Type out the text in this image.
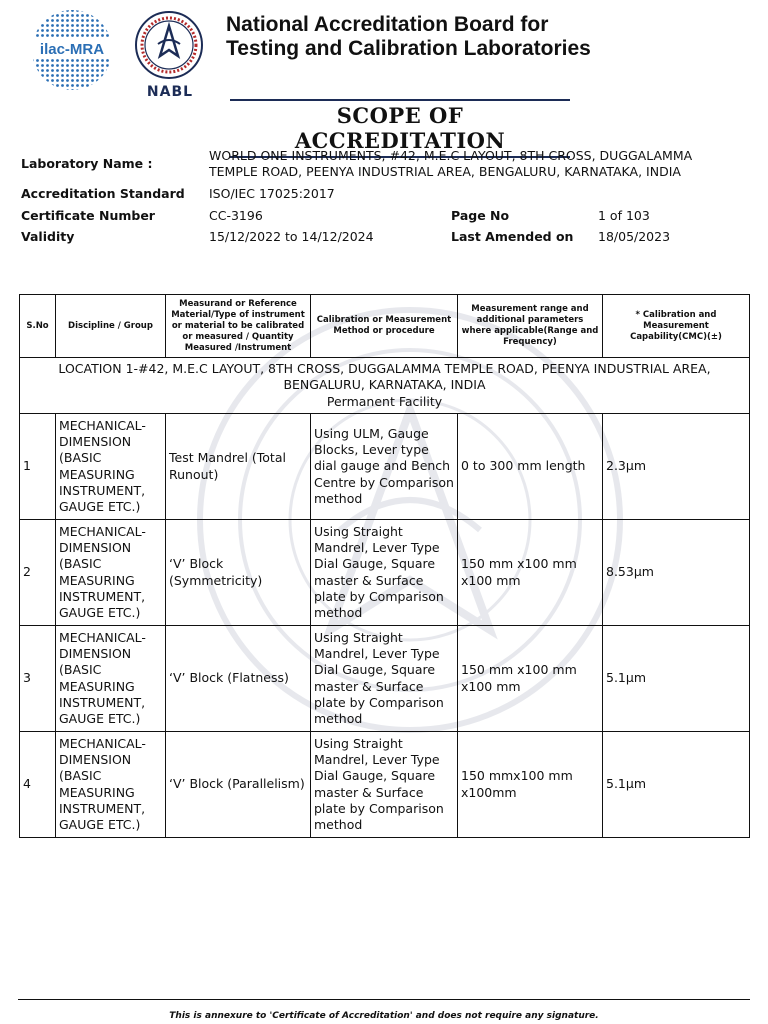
ilac-MRA
NABL
National Accreditation Board for
Testing and Calibration Laboratories
SCOPE OF ACCREDITATION
Laboratory Name :
WORLD ONE INSTRUMENTS, #42, M.E.C LAYOUT, 8TH CROSS, DUGGALAMMA
TEMPLE ROAD, PEENYA INDUSTRIAL AREA, BENGALURU, KARNATAKA, INDIA
Accreditation Standard ISO/IEC 17025:2017
Certificate Number	CC-3196	Page No	1 of 103
Validity	15/12/2022 to 14/12/2024	Last Amended on 18/05/2023
S.No	Discipline / Group	Measurand or Reference Material/Type of instrument or material to be calibrated or measured / Quantity Measured /Instrument	Calibration or Measurement Method or procedure	Measurement range and additional parameters where applicable(Range and Frequency)	* Calibration and Measurement Capability(CMC)(±)

LOCATION 1-#42, M.E.C LAYOUT, 8TH CROSS, DUGGALAMMA TEMPLE ROAD, PEENYA INDUSTRIAL AREA,
BENGALURU, KARNATAKA, INDIA
Permanent Facility					

1	MECHANICAL- DIMENSION (BASIC MEASURING INSTRUMENT, GAUGE ETC.)	Test Mandrel (Total Runout)	Using ULM, Gauge Blocks, Lever type dial gauge and Bench Centre by Comparison method	0 to 300 mm length	2.3µm
2	MECHANICAL- DIMENSION (BASIC MEASURING INSTRUMENT, GAUGE ETC.)	‘V’ Block (Symmetricity)	Using Straight Mandrel, Lever Type Dial Gauge, Square master & Surface plate by Comparison method	150 mm x100 mm x100 mm	8.53µm
3	MECHANICAL- DIMENSION (BASIC MEASURING INSTRUMENT, GAUGE ETC.)	‘V’ Block (Flatness)	Using Straight Mandrel, Lever Type Dial Gauge, Square master & Surface plate by Comparison method	150 mm x100 mm x100 mm	5.1µm
4	MECHANICAL- DIMENSION (BASIC MEASURING INSTRUMENT, GAUGE ETC.)	‘V’ Block (Parallelism)	Using Straight Mandrel, Lever Type Dial Gauge, Square master & Surface plate by Comparison method	150 mmx100 mm x100mm	5.1µm
This is annexure to 'Certificate of Accreditation' and does not require any signature.
